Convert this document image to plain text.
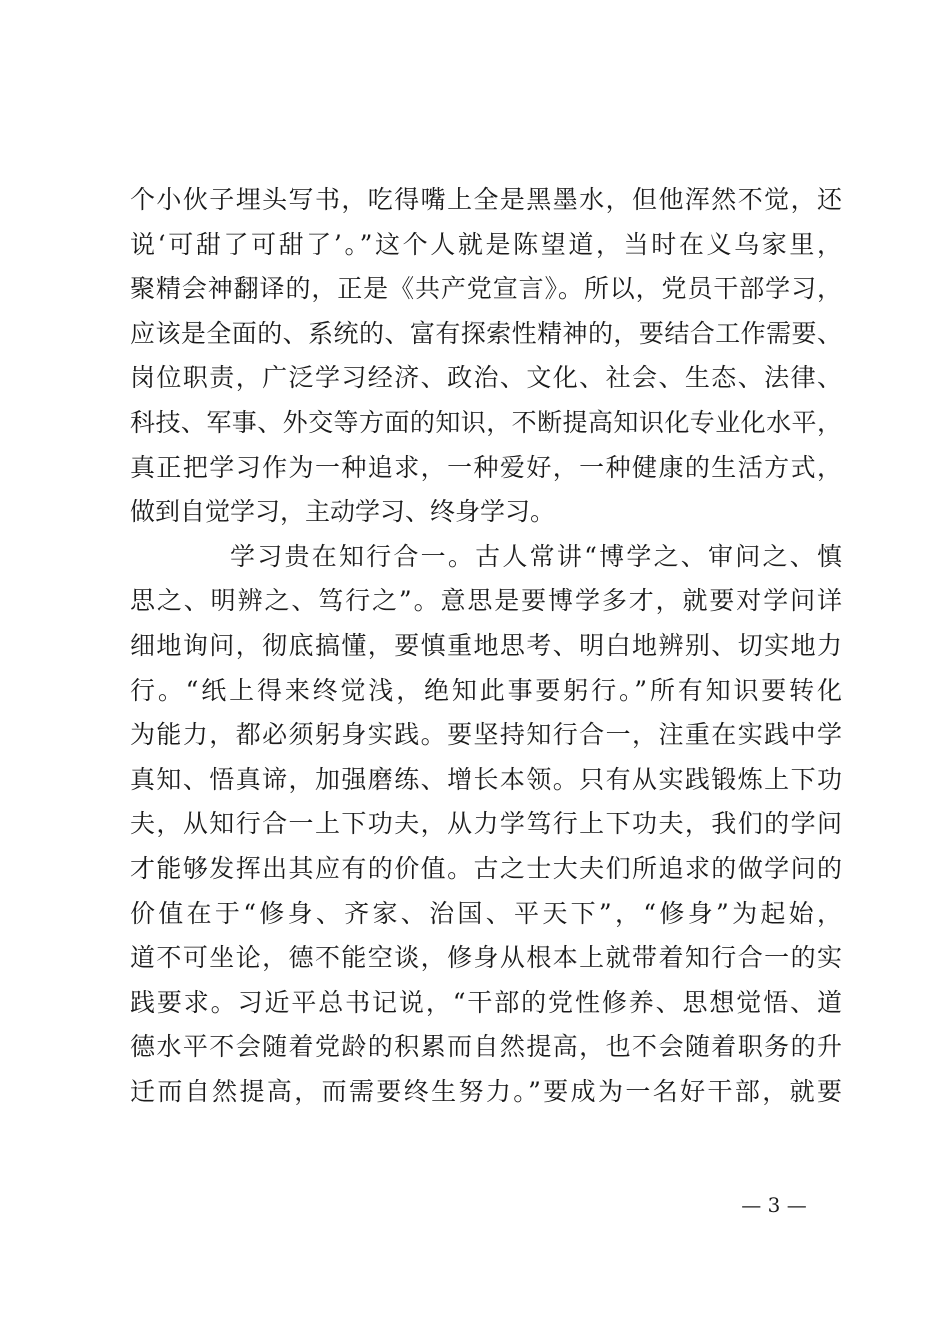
个小伙子埋头写书，吃得嘴上全是黑墨水，但他浑然不觉，还
说‘可甜了可甜了’。”这个人就是陈望道，当时在义乌家里，
聚精会神翻译的，正是《共产党宣言》。所以，党员干部学习，
应该是全面的、系统的、富有探索性精神的，要结合工作需要、
岗位职责，广泛学习经济、政治、文化、社会、生态、法律、
科技、军事、外交等方面的知识，不断提高知识化专业化水平，
真正把学习作为一种追求，一种爱好，一种健康的生活方式，
做到自觉学习，主动学习、终身学习。
学习贵在知行合一。古人常讲“博学之、审问之、慎
思之、明辨之、笃行之”。意思是要博学多才，就要对学问详
细地询问，彻底搞懂，要慎重地思考、明白地辨别、切实地力
行。“纸上得来终觉浅，绝知此事要躬行。”所有知识要转化
为能力，都必须躬身实践。要坚持知行合一，注重在实践中学
真知、悟真谛，加强磨练、增长本领。只有从实践锻炼上下功
夫，从知行合一上下功夫，从力学笃行上下功夫，我们的学问
才能够发挥出其应有的价值。古之士大夫们所追求的做学问的
价值在于“修身、齐家、治国、平天下”，“修身”为起始，
道不可坐论，德不能空谈，修身从根本上就带着知行合一的实
践要求。习近平总书记说，“干部的党性修养、思想觉悟、道
德水平不会随着党龄的积累而自然提高，也不会随着职务的升
迁而自然提高，而需要终生努力。”要成为一名好干部，就要
— 3 —
